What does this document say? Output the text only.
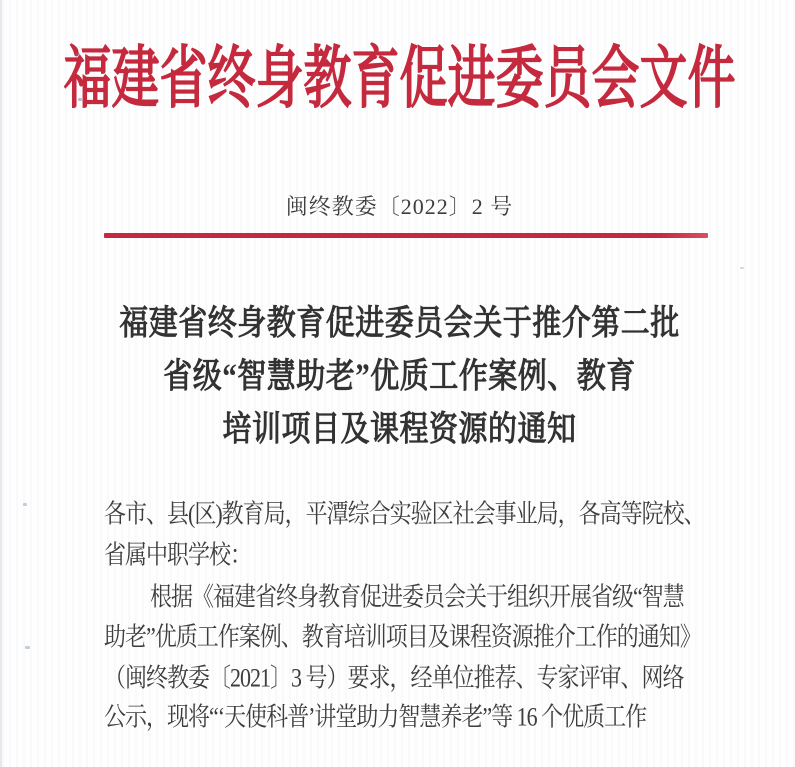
福建省终身教育促进委员会文件
闽终教委〔2022〕2 号
福建省终身教育促进委员会关于推介第二批
省级“智慧助老”优质工作案例、教育
培训项目及课程资源的通知
各市、县(区)教育局，平潭综合实验区社会事业局，各高等院校、
省属中职学校：
根据《福建省终身教育促进委员会关于组织开展省级“智慧
助老”优质工作案例、教育培训项目及课程资源推介工作的通知》
（闽终教委〔2021〕3 号）要求，经单位推荐、专家评审、网络
公示，现将“‘天使科普’讲堂助力智慧养老”等 16 个优质工作
